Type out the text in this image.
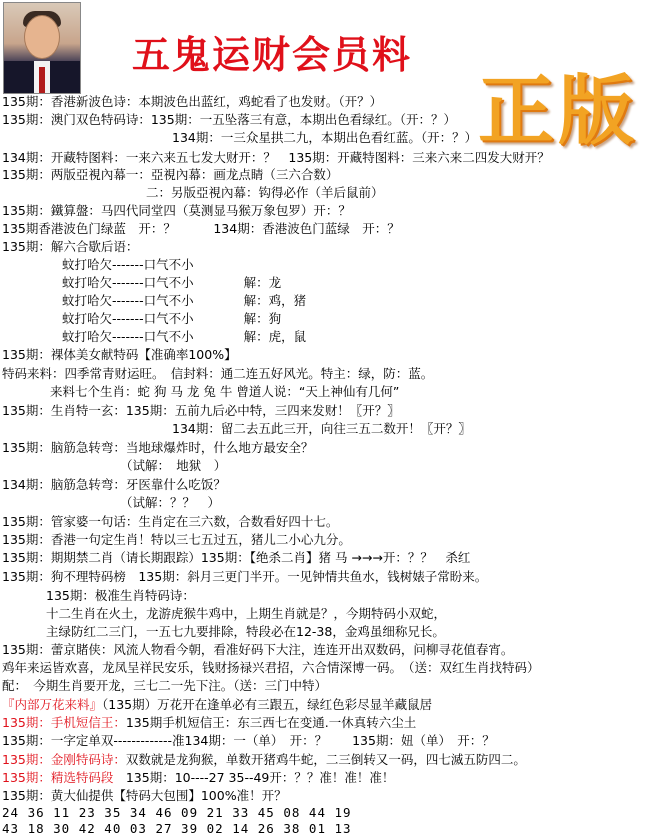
五鬼运财会员料
正版
135期：香港新波色诗：本期波色出蓝红，鸡蛇看了也发财。（开？）
135期：澳门双色特码诗：135期：一五坠落三有意，本期出色看绿红。（开：？）
134期：一三众星拱二九，本期出色看红蓝。（开：？）
134期：开藏特图料：一来六来五七发大财开：？　135期：开藏特图料：三来六来二四发大财开？
135期：两版亞視內幕一：亞視內幕：画龙点睛（三六合数）
二：另版亞視內幕：钩得必作（羊后鼠前）
135期：鐵算盤：马四代同堂四（莫测显马猴万象包罗）开：？
135期香港波色门绿蓝　开：？　　　134期：香港波色门蓝绿　开：？
135期：解六合歇后语：
蚊打哈欠-------口气不小
蚊打哈欠-------口气不小　　　　解：龙
蚊打哈欠-------口气不小　　　　解：鸡，猪
蚊打哈欠-------口气不小　　　　解：狗
蚊打哈欠-------口气不小　　　　解：虎，鼠
135期：裸体美女献特码【准确率100%】
特码来料：四季常青财运旺。　信封料：通二连五好风光。特主：绿，防：蓝。
来料七个生肖：蛇 狗 马 龙 兔 牛 曾道人说：“天上神仙有几何”
135期：生肖特一玄：135期：五前九后必中特，三四来发财！〖开？〗
134期：留二去五此三开，向往三五二数开！〖开？〗
135期：脑筋急转弯：当地球爆炸时，什么地方最安全？
（试解：　地狱　）
134期：脑筋急转弯：牙医靠什么吃饭？
（试解：？？　）
135期：管家婆一句话：生肖定在三六数，合数看好四十七。
135期：香港一句定生肖！特以三七五过五，猪儿二小心九分。
135期：期期禁二肖（请长期跟踪）135期：【绝杀二肖】猪 马 →→→开：？？　杀红
135期：狗不理特码榜　135期：斜月三更门半开。一见钟情共鱼水，钱树婊子常盼来。
135期：极准生肖特码诗：
十二生肖在火土，龙游虎猴牛鸡中，上期生肖就是？，今期特码小双蛇，
主绿防红二三门，一五七九要排除，特段必在12-38，金鸡虽细称兄长。
135期：蕾京賭侠：风流人物看今朝，看准好码下大注，连连开出双数码，问柳寻花值春宵。
鸡年来运皆欢喜，龙凤呈祥民安乐，钱财扬禄兴君招，六合情深博一码。　（送：双红生肖找特码）
配：　今期生肖要开龙，三七二一先下注。（送：三门中特）
『内部万花来料』（135期）万花开在逢单必有三跟五，绿红色彩尽显羊藏鼠居
135期：手机短信王：135期手机短信王：东三西七在变通.一休真转六尘土
135期：一字定单双-------------准134期：一（单）　开：？　　135期：妞（单）　开：？
135期：金刚特码诗：双数就是龙狗猴，单数开猪鸡牛蛇，二三倒转又一码，四七滅五防四二。
135期：精选特码段　135期：10----27 35--49开：？？准！准！准！
135期：黄大仙提供【特码大包围】100%准！开？
24 36 11 23 35 34 46 09 21 33 45 08 44 19
43 18 30 42 40 03 27 39 02 14 26 38 01 13
